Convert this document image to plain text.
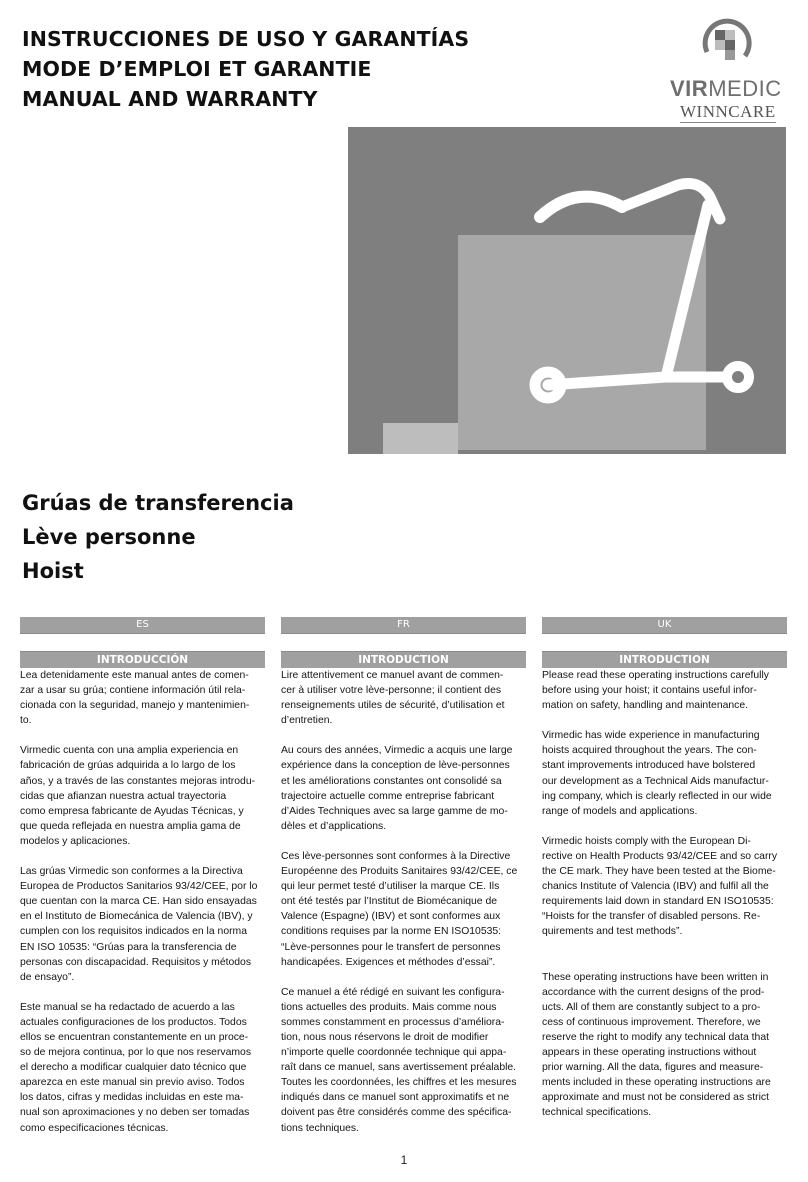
INSTRUCCIONES DE USO Y GARANTÍAS
MODE D’EMPLOI ET GARANTIE
MANUAL AND WARRANTY	VIRMEDIC
WINNCARE
Grúas de transferencia
Lève personne
Hoist
ES
INTRODUCCIÓN
Lea detenidamente este manual antes de comen-
zar a usar su grúa; contiene información útil rela-
cionada con la seguridad, manejo y mantenimien-
to.
Virmedic cuenta con una amplia experiencia en
fabricación de grúas adquirida a lo largo de los
años, y a través de las constantes mejoras introdu-
cidas que afianzan nuestra actual trayectoria
como empresa fabricante de Ayudas Técnicas, y
que queda reflejada en nuestra amplia gama de
modelos y aplicaciones.
Las grúas Virmedic son conformes a la Directiva
Europea de Productos Sanitarios 93/42/CEE, por lo
que cuentan con la marca CE. Han sido ensayadas
en el Instituto de Biomecánica de Valencia (IBV), y
cumplen con los requisitos indicados en la norma
EN ISO 10535: “Grúas para la transferencia de
personas con discapacidad. Requisitos y métodos
de ensayo”.
Este manual se ha redactado de acuerdo a las
actuales configuraciones de los productos. Todos
ellos se encuentran constantemente en un proce-
so de mejora continua, por lo que nos reservamos
el derecho a modificar cualquier dato técnico que
aparezca en este manual sin previo aviso. Todos
los datos, cifras y medidas incluidas en este ma-
nual son aproximaciones y no deben ser tomadas
como especificaciones técnicas.
FR
INTRODUCTION
Lire attentivement ce manuel avant de commen-
cer à utiliser votre lève-personne; il contient des
renseignements utiles de sécurité, d’utilisation et
d’entretien.
Au cours des années, Virmedic a acquis une large
expérience dans la conception de lève-personnes
et les améliorations constantes ont consolidé sa
trajectoire actuelle comme entreprise fabricant
d’Aides Techniques avec sa large gamme de mo-
dèles et d’applications.
Ces lève-personnes sont conformes à la Directive
Européenne des Produits Sanitaires 93/42/CEE, ce
qui leur permet testé d’utiliser la marque CE. Ils
ont été testés par l’Institut de Biomécanique de
Valence (Espagne) (IBV) et sont conformes aux
conditions requises par la norme EN ISO10535:
“Lève-personnes pour le transfert de personnes
handicapées. Exigences et méthodes d’essai”.
Ce manuel a été rédigé en suivant les configura-
tions actuelles des produits. Mais comme nous
sommes constamment en processus d’améliora-
tion, nous nous réservons le droit de modifier
n’importe quelle coordonnée technique qui appa-
raît dans ce manuel, sans avertissement préalable.
Toutes les coordonnées, les chiffres et les mesures
indiqués dans ce manuel sont approximatifs et ne
doivent pas être considérés comme des spécifica-
tions techniques.
UK
INTRODUCTION
Please read these operating instructions carefully
before using your hoist; it contains useful infor-
mation on safety, handling and maintenance.
Virmedic has wide experience in manufacturing
hoists acquired throughout the years. The con-
stant improvements introduced have bolstered
our development as a Technical Aids manufactur-
ing company, which is clearly reflected in our wide
range of models and applications.
Virmedic hoists comply with the European Di-
rective on Health Products 93/42/CEE and so carry
the CE mark. They have been tested at the Biome-
chanics Institute of Valencia (IBV) and fulfil all the
requirements laid down in standard EN ISO10535:
“Hoists for the transfer of disabled persons. Re-
quirements and test methods”.
These operating instructions have been written in
accordance with the current designs of the prod-
ucts. All of them are constantly subject to a pro-
cess of continuous improvement. Therefore, we
reserve the right to modify any technical data that
appears in these operating instructions without
prior warning. All the data, figures and measure-
ments included in these operating instructions are
approximate and must not be considered as strict
technical specifications.
1
